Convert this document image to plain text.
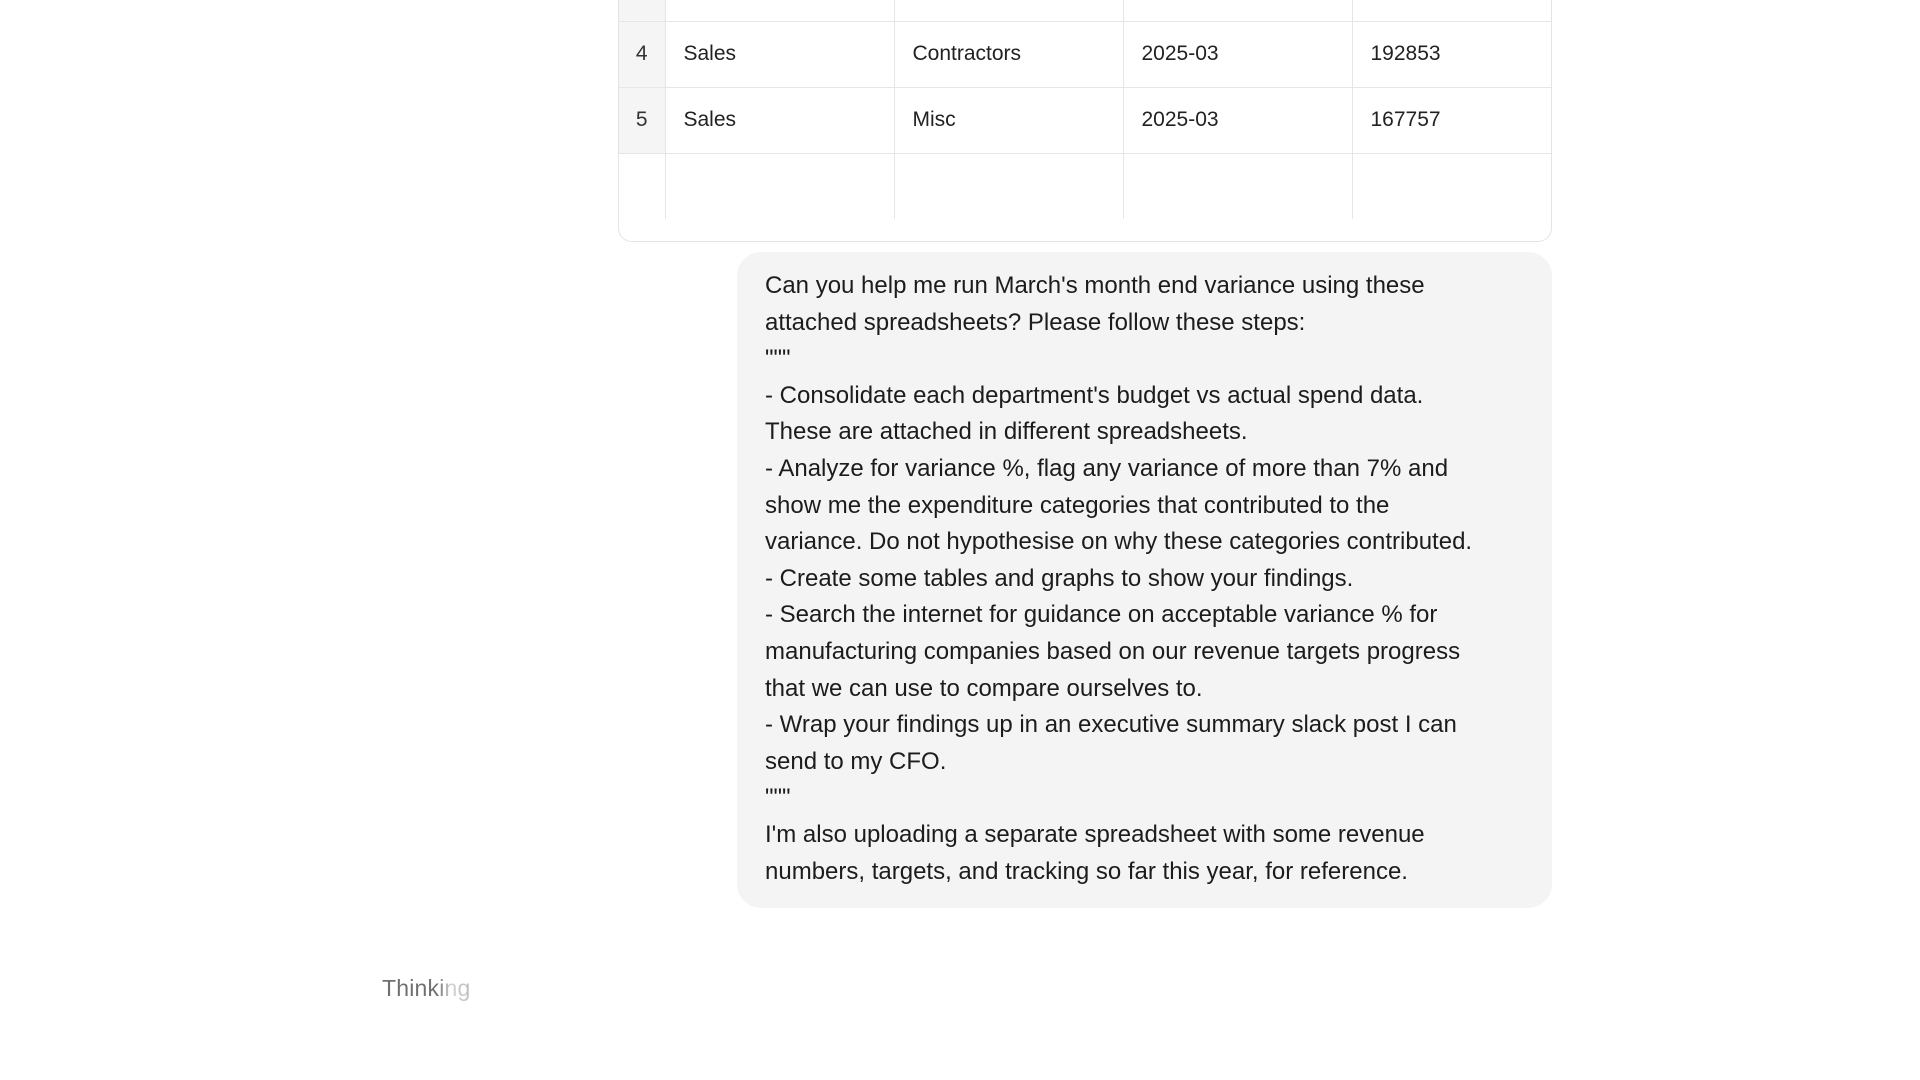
4	Sales	Contractors	2025-03	192853
5	Sales	Misc	2025-03	167757

Can you help me run March's month end variance using these
attached spreadsheets? Please follow these steps:
"""
- Consolidate each department's budget vs actual spend data.
These are attached in different spreadsheets.
- Analyze for variance %, flag any variance of more than 7% and
show me the expenditure categories that contributed to the
variance. Do not hypothesise on why these categories contributed.
- Create some tables and graphs to show your findings.
- Search the internet for guidance on acceptable variance % for
manufacturing companies based on our revenue targets progress
that we can use to compare ourselves to.
- Wrap your findings up in an executive summary slack post I can
send to my CFO.
"""
I'm also uploading a separate spreadsheet with some revenue
numbers, targets, and tracking so far this year, for reference.
Thinking
